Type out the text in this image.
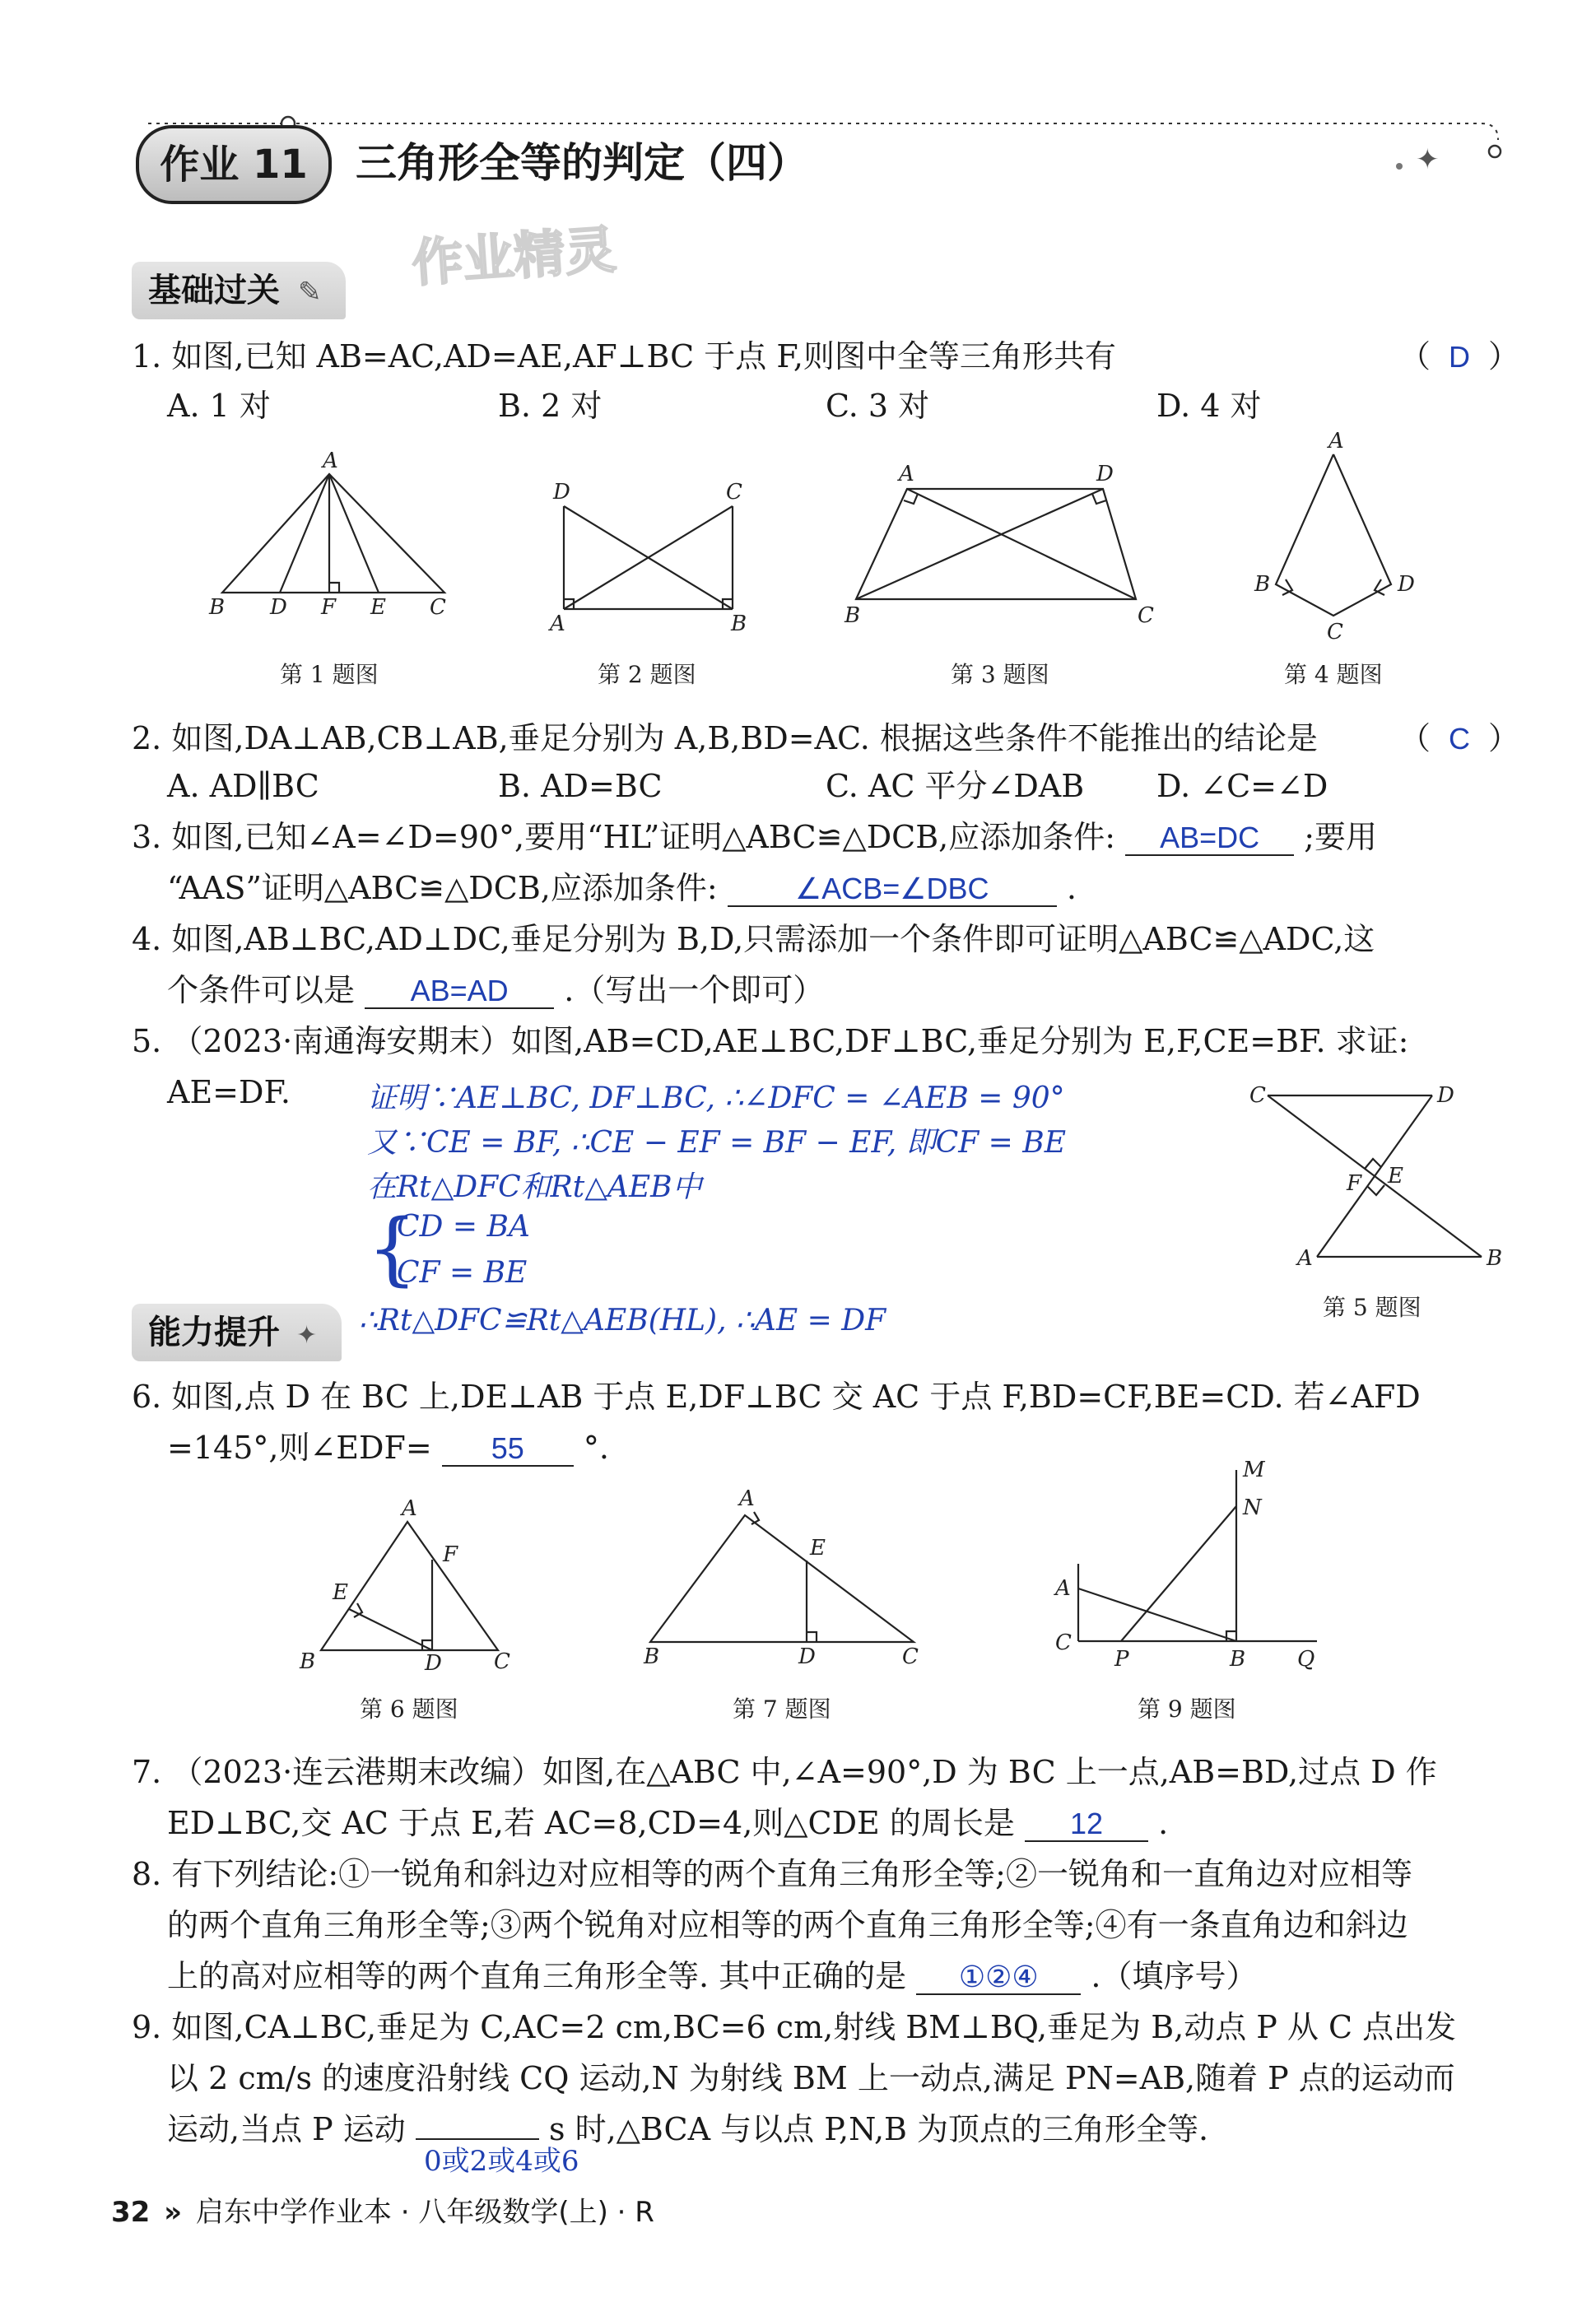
✦
作业 11	三角形全等的判定（四）
作业精灵
基础过关 ✎
1. 如图,已知 AB=AC,AD=AE,AF⊥BC 于点 F,则图中全等三角形共有	（ D ）
A. 1 对	B. 2 对	C. 3 对	D. 4 对
A
B D F E C
D	C
A	B
A	D
B	C
A
B	D
C
第 1 题图	第 2 题图	第 3 题图	第 4 题图
2. 如图,DA⊥AB,CB⊥AB,垂足分别为 A,B,BD=AC. 根据这些条件不能推出的结论是	（ C ）
A. AD∥BC	B. AD=BC	C. AC 平分∠DAB D. ∠C=∠D
3. 如图,已知∠A=∠D=90°,要用“HL”证明△ABC≌△DCB,应添加条件: AB=DC ;要用
“AAS”证明△ABC≌△DCB,应添加条件:	∠ACB=∠DBC .
4. 如图,AB⊥BC,AD⊥DC,垂足分别为 B,D,只需添加一个条件即可证明△ABC≌△ADC,这
个条件可以是 AB=AD .（写出一个即可）
5. （2023·南通海安期末）如图,AB=CD,AE⊥BC,DF⊥BC,垂足分别为 E,F,CE=BF. 求证:
AE=DF.	证明∵AE⊥BC, DF⊥BC, ∴∠DFC = ∠AEB = 90°
又∵CE = BF, ∴CE − EF = BF − EF, 即CF = BE
在Rt△DFC和Rt△AEB中
{
CD = BA
CF = BE
∴Rt△DFC≌Rt△AEB(HL), ∴AE = DF
C	D
F E
A	B
第 5 题图
能力提升 ✦
6. 如图,点 D 在 BC 上,DE⊥AB 于点 E,DF⊥BC 交 AC 于点 F,BD=CF,BE=CD. 若∠AFD
=145°,则∠EDF= 55 °.
A
F
E
B	D C
A
E
B	D	C
M
N
A
C
P	B Q
第 6 题图	第 7 题图	第 9 题图
7. （2023·连云港期末改编）如图,在△ABC 中,∠A=90°,D 为 BC 上一点,AB=BD,过点 D 作
ED⊥BC,交 AC 于点 E,若 AC=8,CD=4,则△CDE 的周长是 12 .
8. 有下列结论:①一锐角和斜边对应相等的两个直角三角形全等;②一锐角和一直角边对应相等
的两个直角三角形全等;③两个锐角对应相等的两个直角三角形全等;④有一条直角边和斜边
上的高对应相等的两个直角三角形全等. 其中正确的是 ①②④ .（填序号）
9. 如图,CA⊥BC,垂足为 C,AC=2 cm,BC=6 cm,射线 BM⊥BQ,垂足为 B,动点 P 从 C 点出发
以 2 cm/s 的速度沿射线 CQ 运动,N 为射线 BM 上一动点,满足 PN=AB,随着 P 点的运动而
运动,当点 P 运动	s 时,△BCA 与以点 P,N,B 为顶点的三角形全等.
0或2或4或6
32 » 启东中学作业本 · 八年级数学(上) · R
